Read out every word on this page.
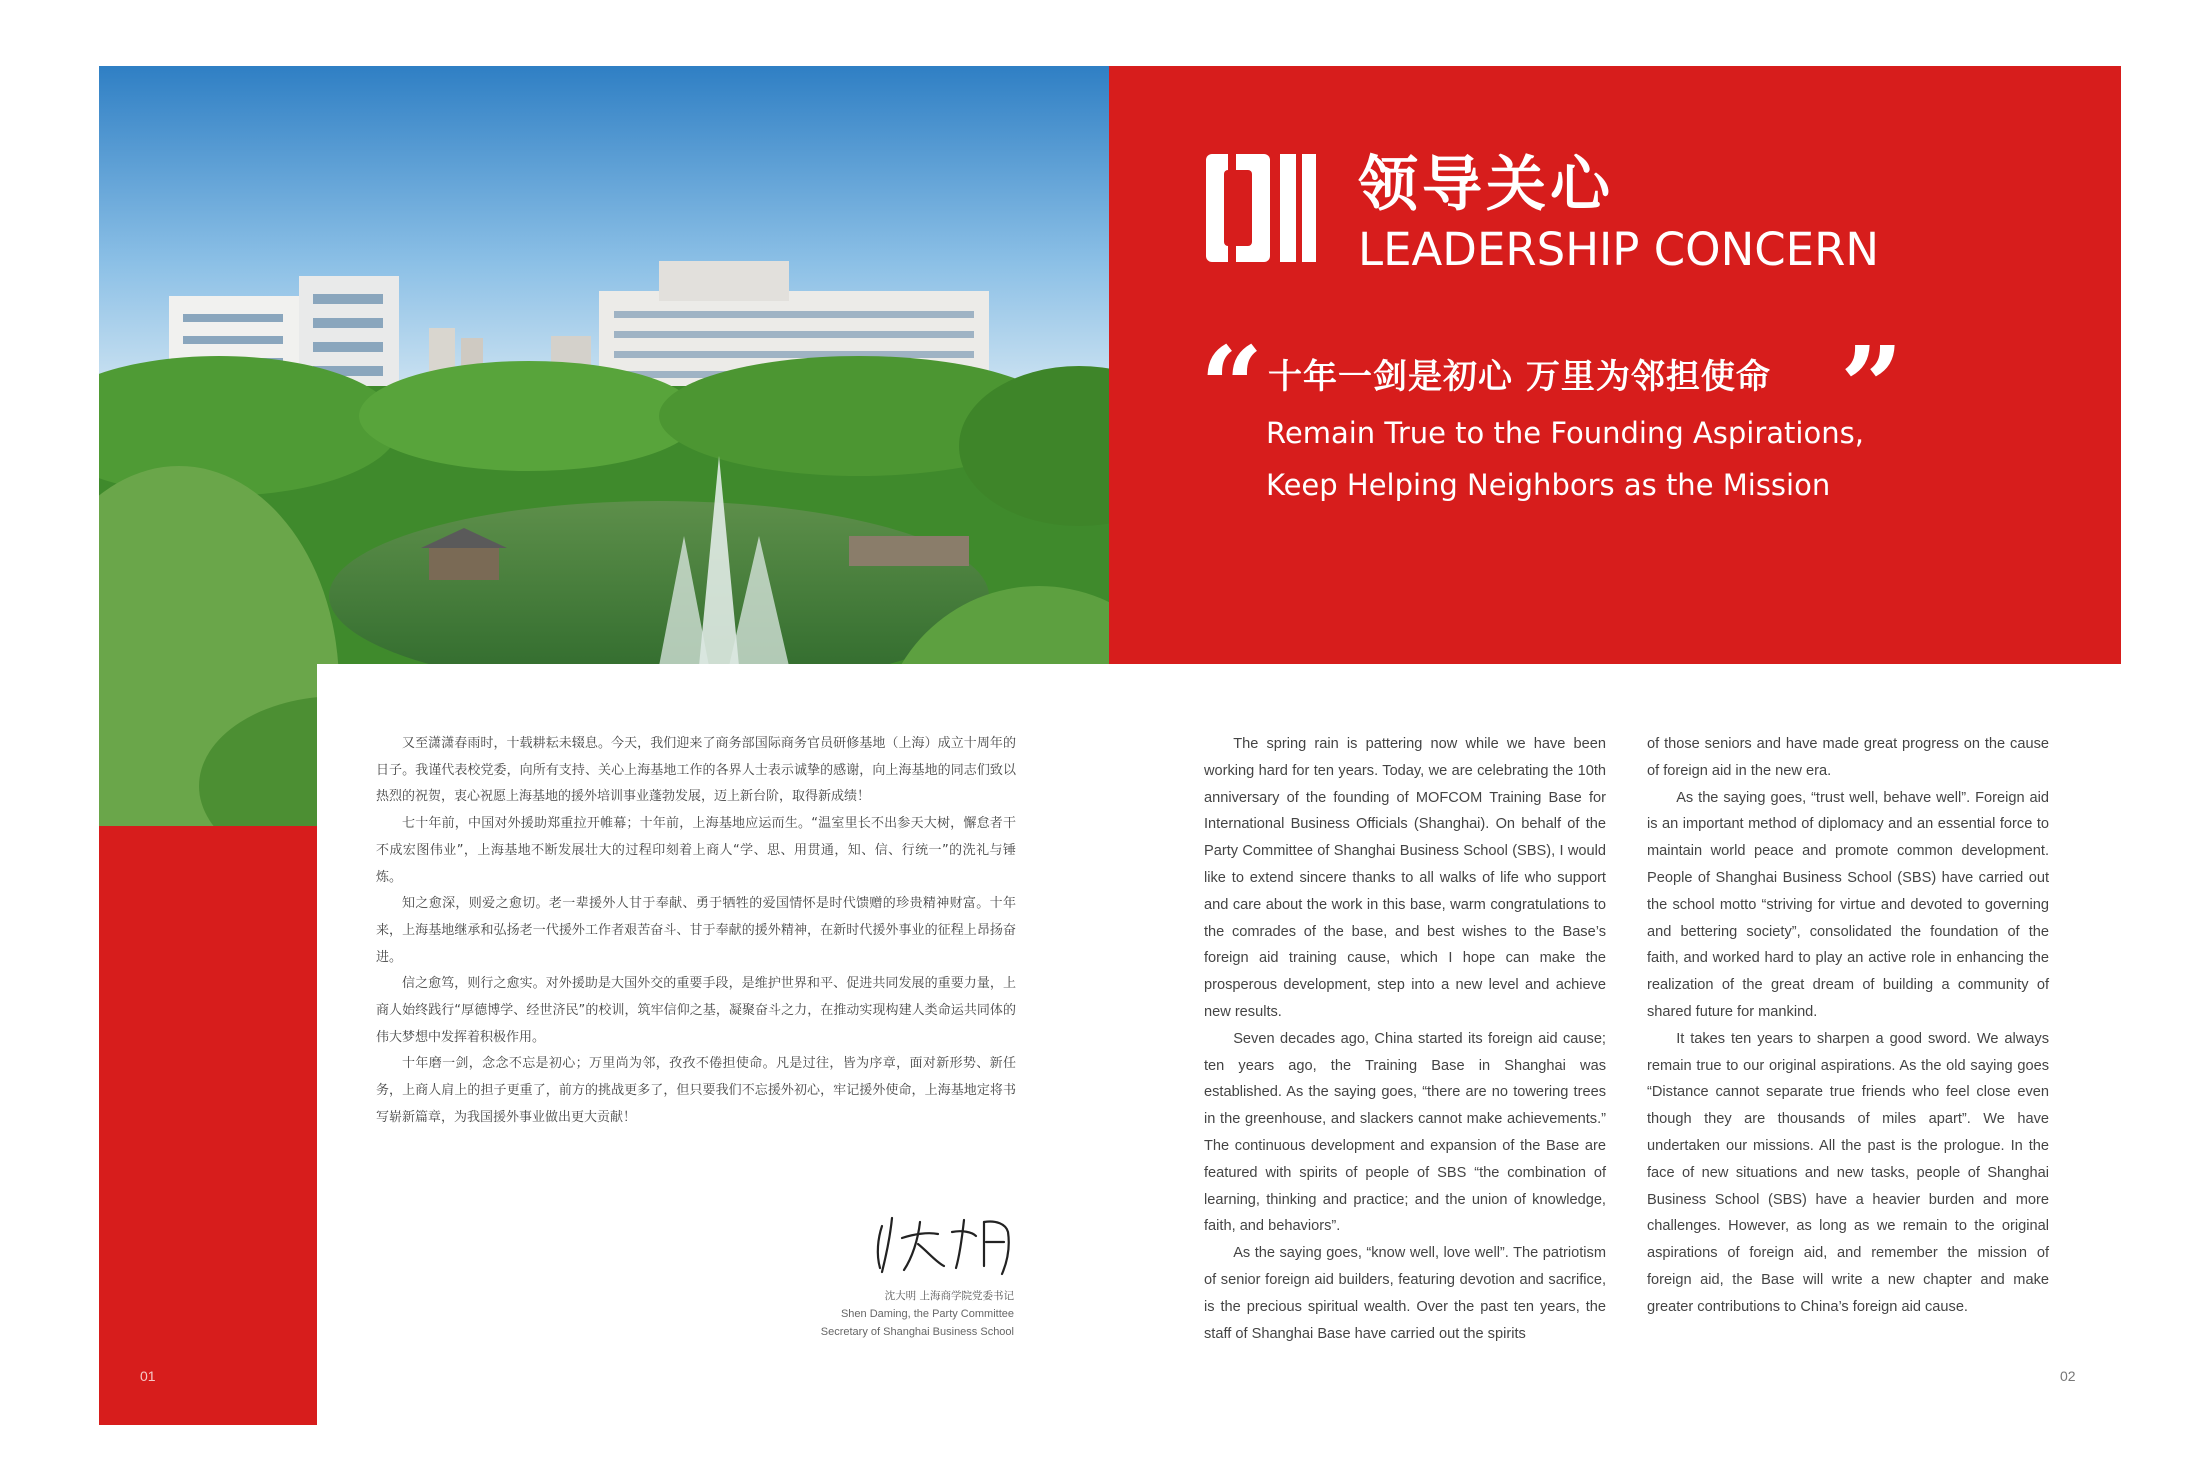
领导关心
LEADERSHIP CONCERN
“ 十年一剑是初心 万里为邻担使命 ”
Remain True to the Founding Aspirations,
Keep Helping Neighbors as the Mission

又至潇潇春雨时，十载耕耘未辍息。今天，我们迎来了商务部国际商务官员研修基地（上海）成立十周年的日子。我谨代表校党委，向所有支持、关心上海基地工作的各界人士表示诚挚的感谢，向上海基地的同志们致以热烈的祝贺，衷心祝愿上海基地的援外培训事业蓬勃发展，迈上新台阶，取得新成绩！

七十年前，中国对外援助郑重拉开帷幕；十年前，上海基地应运而生。“温室里长不出参天大树，懈怠者干不成宏图伟业”，上海基地不断发展壮大的过程印刻着上商人“学、思、用贯通，知、信、行统一”的洗礼与锤炼。

知之愈深，则爱之愈切。老一辈援外人甘于奉献、勇于牺牲的爱国情怀是时代馈赠的珍贵精神财富。十年来，上海基地继承和弘扬老一代援外工作者艰苦奋斗、甘于奉献的援外精神，在新时代援外事业的征程上昂扬奋进。

信之愈笃，则行之愈实。对外援助是大国外交的重要手段，是维护世界和平、促进共同发展的重要力量，上商人始终践行“厚德博学、经世济民”的校训，筑牢信仰之基，凝聚奋斗之力，在推动实现构建人类命运共同体的伟大梦想中发挥着积极作用。

十年磨一剑，念念不忘是初心；万里尚为邻，孜孜不倦担使命。凡是过往，皆为序章，面对新形势、新任务，上商人肩上的担子更重了，前方的挑战更多了，但只要我们不忘援外初心，牢记援外使命，上海基地定将书写崭新篇章，为我国援外事业做出更大贡献！

The spring rain is pattering now while we have been working hard for ten years. Today, we are celebrating the 10th anniversary of the founding of MOFCOM Training Base for International Business Officials (Shanghai). On behalf of the Party Committee of Shanghai Business School (SBS), I would like to extend sincere thanks to all walks of life who support and care about the work in this base, warm congratulations to the comrades of the base, and best wishes to the Base’s foreign aid training cause, which I hope can make the prosperous development, step into a new level and achieve new results.

Seven decades ago, China started its foreign aid cause; ten years ago, the Training Base in Shanghai was established. As the saying goes, “there are no towering trees in the greenhouse, and slackers cannot make achievements.” The continuous development and expansion of the Base are featured with spirits of people of SBS “the combination of learning, thinking and practice; and the union of knowledge, faith, and behaviors”.

As the saying goes, “know well, love well”. The patriotism of senior foreign aid builders, featuring devotion and sacrifice, is the precious spiritual wealth. Over the past ten years, the staff of Shanghai Base have carried out the spirits

of those seniors and have made great progress on the cause of foreign aid in the new era.

As the saying goes, “trust well, behave well”. Foreign aid is an important method of diplomacy and an essential force to maintain world peace and promote common development. People of Shanghai Business School (SBS) have carried out the school motto “striving for virtue and devoted to governing and bettering society”, consolidated the foundation of the faith, and worked hard to play an active role in enhancing the realization of the great dream of building a community of shared future for mankind.

It takes ten years to sharpen a good sword. We always remain true to our original aspirations. As the old saying goes “Distance cannot separate true friends who feel close even though they are thousands of miles apart”. We have undertaken our missions. All the past is the prologue. In the face of new situations and new tasks, people of Shanghai Business School (SBS) have a heavier burden and more challenges. However, as long as we remain to the original aspirations of foreign aid, and remember the mission of foreign aid, the Base will write a new chapter and make greater contributions to China’s foreign aid cause.

沈大明 上海商学院党委书记
Shen Daming, the Party Committee
Secretary of Shanghai Business School
01	02
